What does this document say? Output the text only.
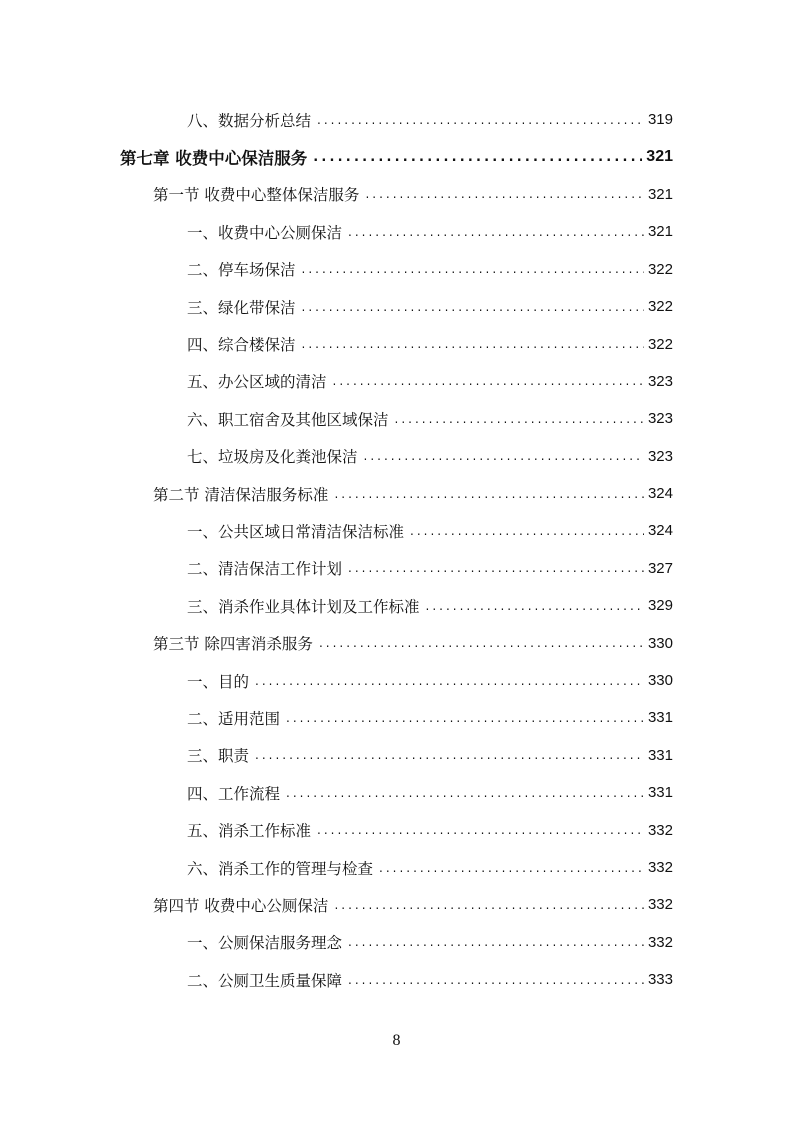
八、数据分析总结 .....	319
第七章 收费中心保洁服务 .....	321
第一节 收费中心整体保洁服务 .....	321
一、收费中心公厕保洁 .....	321
二、停车场保洁 .....	322
三、绿化带保洁 .....	322
四、综合楼保洁 .....	322
五、办公区域的清洁 .....	323
六、职工宿舍及其他区域保洁 .....	323
七、垃圾房及化粪池保洁 .....	323
第二节 清洁保洁服务标准 .....	324
一、公共区域日常清洁保洁标准 .....	324
二、清洁保洁工作计划 .....	327
三、消杀作业具体计划及工作标准 .....	329
第三节 除四害消杀服务 .....	330
一、目的 .....	330
二、适用范围 .....	331
三、职责 .....	331
四、工作流程 .....	331
五、消杀工作标准 .....	332
六、消杀工作的管理与检查 .....	332
第四节 收费中心公厕保洁 .....	332
一、公厕保洁服务理念 .....	332
二、公厕卫生质量保障 .....	333
8
